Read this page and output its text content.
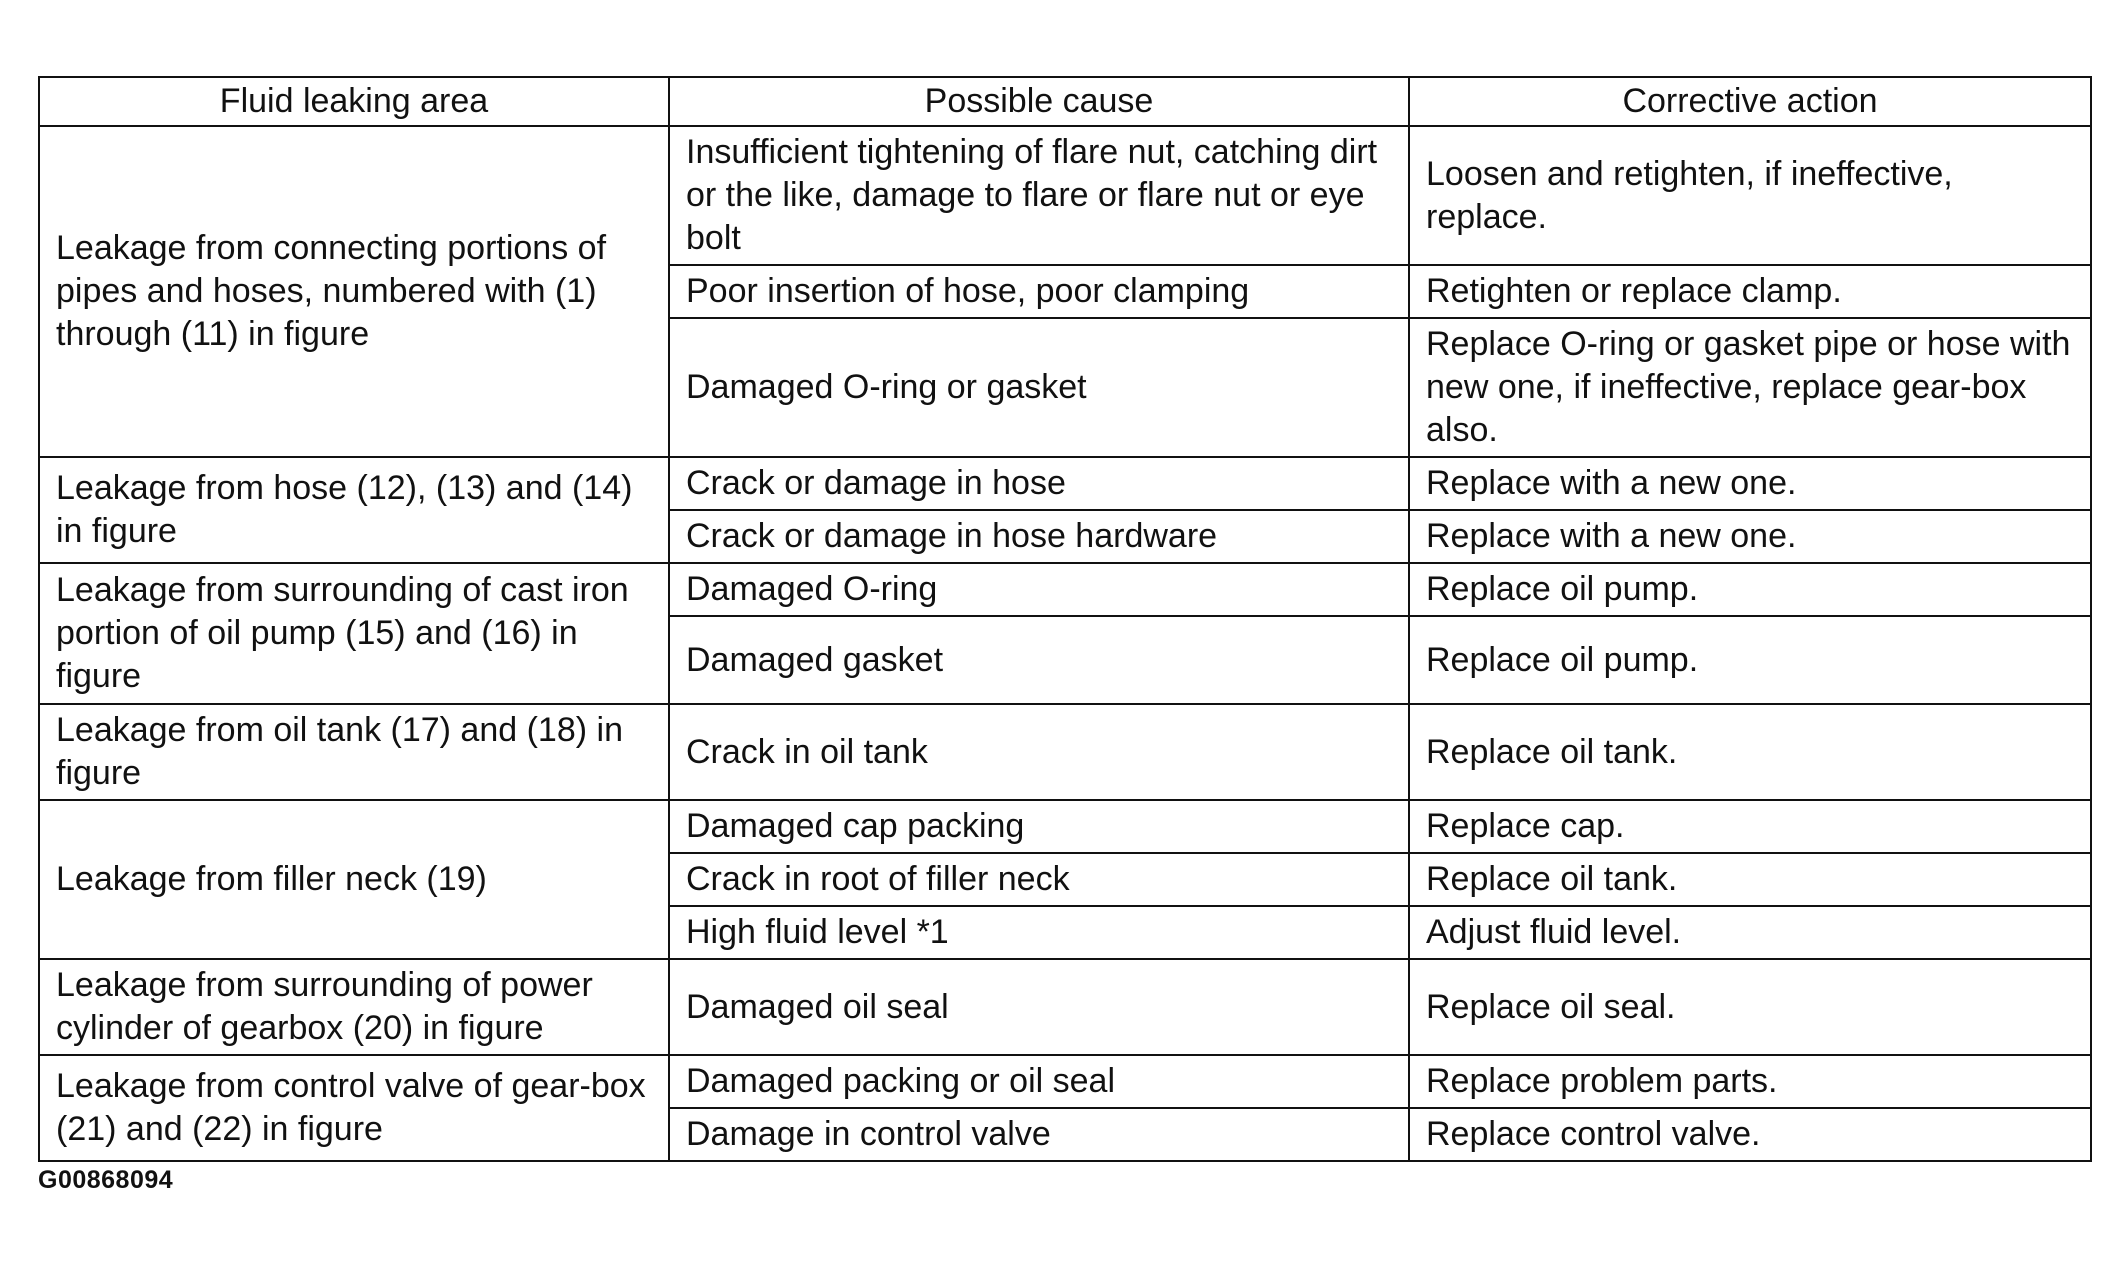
Fluid leaking area	Possible cause	Corrective action
Leakage from connecting portions of pipes and hoses, numbered with (1) through (11) in figure	Insufficient tightening of flare nut, catching dirt or the like, damage to flare or flare nut or eye bolt	Loosen and retighten, if ineffective, replace.
	Poor insertion of hose, poor clamping	Retighten or replace clamp.
	Damaged O-ring or gasket	Replace O-ring or gasket pipe or hose with new one, if ineffective, replace gear-box also.
Leakage from hose (12), (13) and (14) in figure	Crack or damage in hose	Replace with a new one.
	Crack or damage in hose hardware	Replace with a new one.
Leakage from surrounding of cast iron portion of oil pump (15) and (16) in figure	Damaged O-ring	Replace oil pump.
	Damaged gasket	Replace oil pump.
Leakage from oil tank (17) and (18) in figure	Crack in oil tank	Replace oil tank.
Leakage from filler neck (19)	Damaged cap packing	Replace cap.
	Crack in root of filler neck	Replace oil tank.
	High fluid level *1	Adjust fluid level.
Leakage from surrounding of power cylinder of gearbox (20) in figure	Damaged oil seal	Replace oil seal.
Leakage from control valve of gear-box (21) and (22) in figure	Damaged packing or oil seal	Replace problem parts.
	Damage in control valve	Replace control valve.
G00868094
